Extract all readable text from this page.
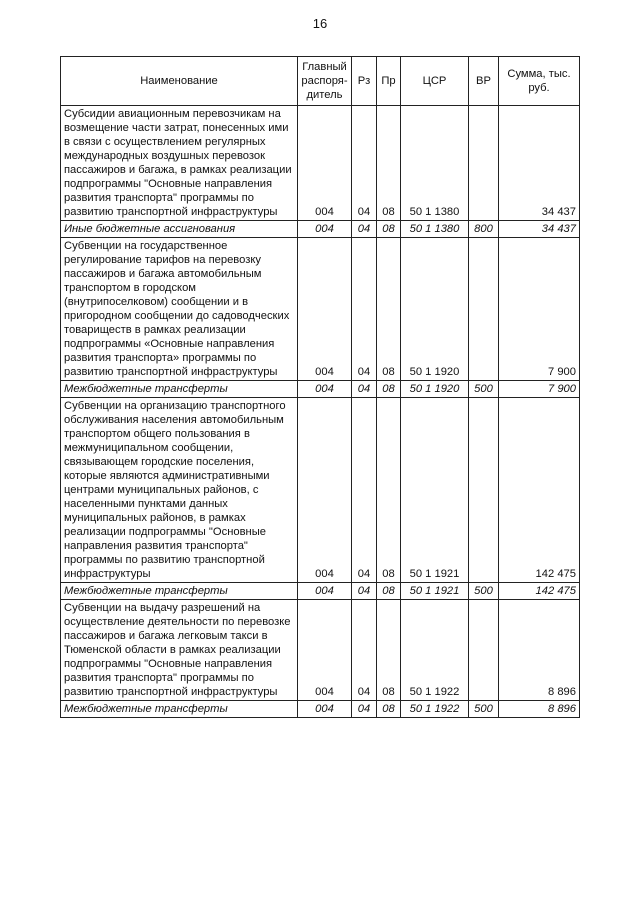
16
Наименование	Главный распоря-дитель	Рз	Пр	ЦСР	ВР	Сумма, тыс. руб.
Субсидии авиационным перевозчикам на возмещение части затрат, понесенных ими в связи с осуществлением регулярных международных воздушных перевозок пассажиров и багажа, в рамках реализации подпрограммы "Основные направления развития транспорта" программы по развитию транспортной инфраструктуры	004	04	08	50 1 1380		34 437
Иные бюджетные ассигнования	004	04	08	50 1 1380	800	34 437
Субвенции на государственное регулирование тарифов на перевозку пассажиров и багажа автомобильным транспортом в городском (внутрипоселковом) сообщении и в пригородном сообщении до садоводческих товариществ в рамках реализации подпрограммы «Основные направления развития транспорта» программы по развитию транспортной инфраструктуры	004	04	08	50 1 1920		7 900
Межбюджетные трансферты	004	04	08	50 1 1920	500	7 900
Субвенции на организацию транспортного обслуживания населения автомобильным транспортом общего пользования в межмуниципальном сообщении, связывающем городские поселения, которые являются административными центрами муниципальных районов, с населенными пунктами данных муниципальных районов, в рамках реализации подпрограммы "Основные направления развития транспорта" программы по развитию транспортной инфраструктуры	004	04	08	50 1 1921		142 475
Межбюджетные трансферты	004	04	08	50 1 1921	500	142 475
Субвенции на выдачу разрешений на осуществление деятельности по перевозке пассажиров и багажа легковым такси в Тюменской области в рамках реализации подпрограммы "Основные направления развития транспорта" программы по развитию транспортной инфраструктуры	004	04	08	50 1 1922		8 896
Межбюджетные трансферты	004	04	08	50 1 1922	500	8 896
